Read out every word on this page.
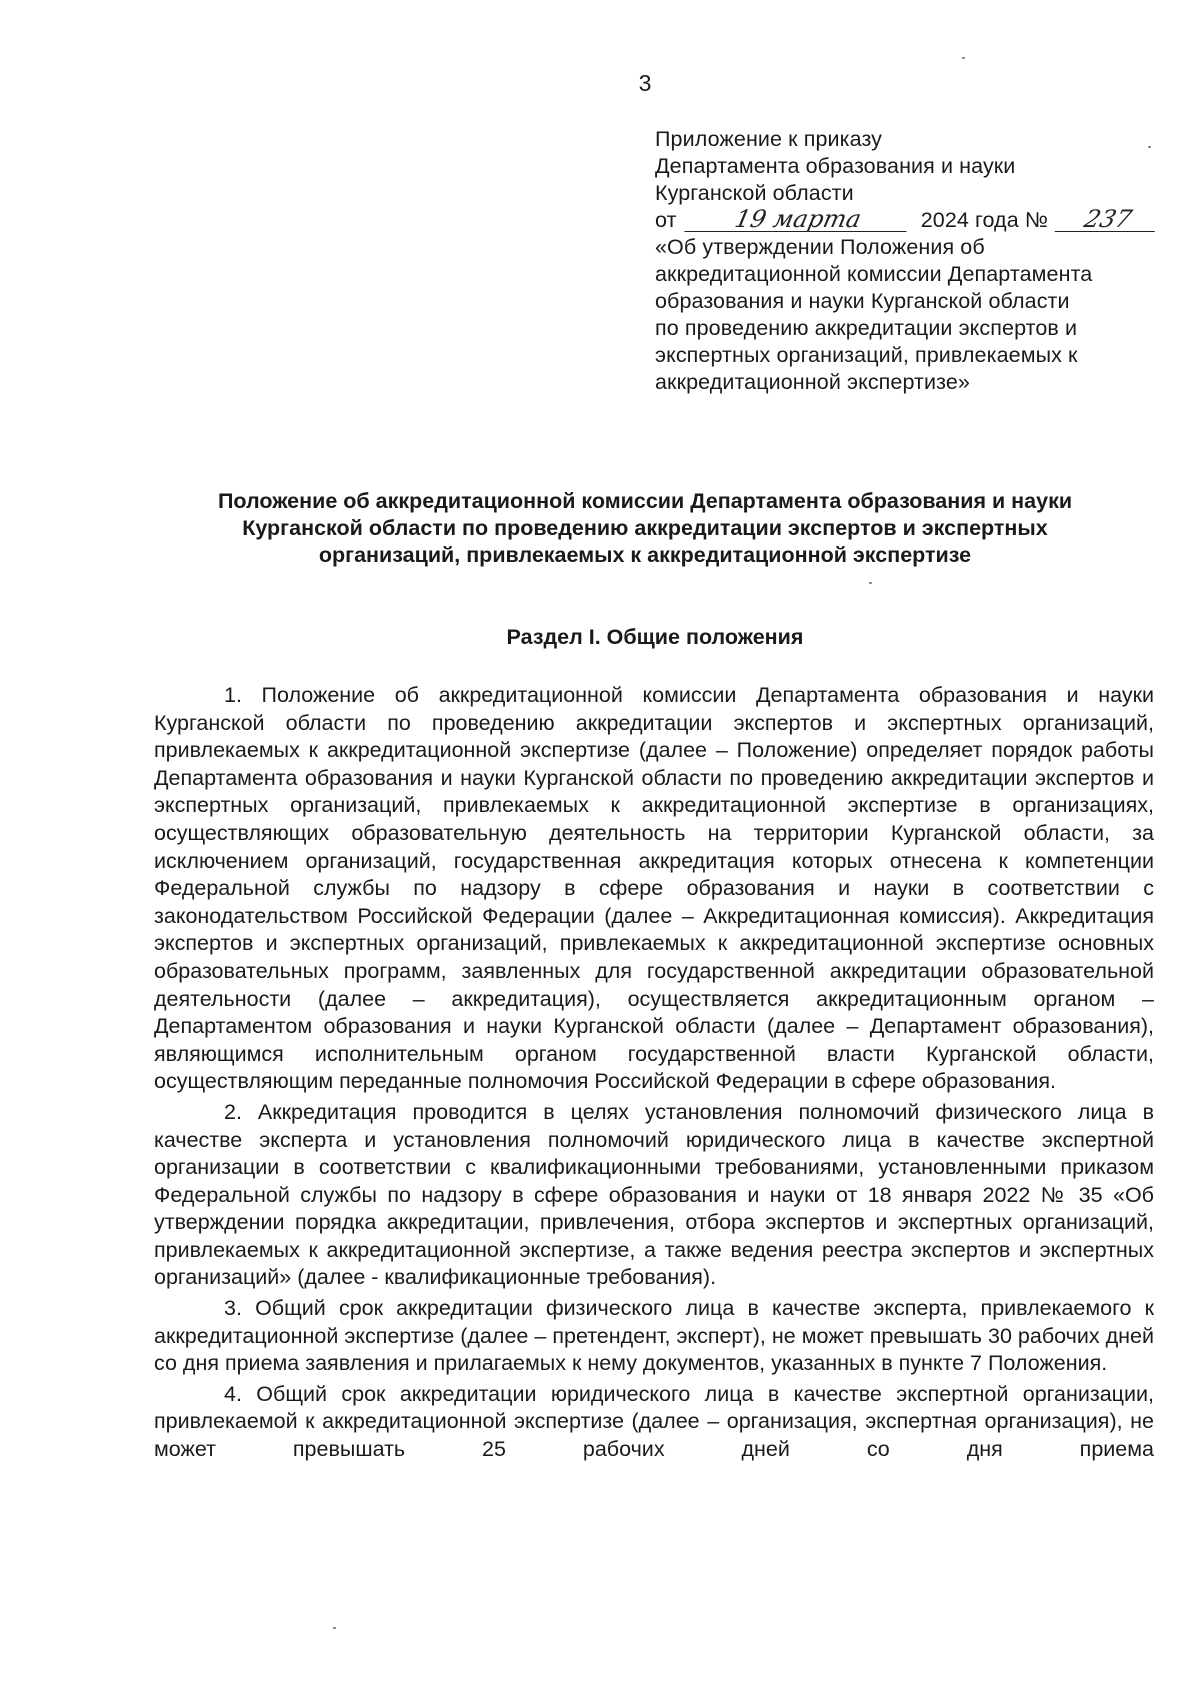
3
Приложение к приказу
Департамента образования и науки
Курганской области
от 19 марта	2024 года № 237
«Об утверждении Положения об
аккредитационной комиссии Департамента
образования и науки Курганской области
по проведению аккредитации экспертов и
экспертных организаций, привлекаемых к
аккредитационной экспертизе»
Положение об аккредитационной комиссии Департамента образования и науки
Курганской области по проведению аккредитации экспертов и экспертных
организаций, привлекаемых к аккредитационной экспертизе
Раздел I. Общие положения

1. Положение об аккредитационной комиссии Департамента образования и науки Курганской области по проведению аккредитации экспертов и экспертных организаций, привлекаемых к аккредитационной экспертизе (далее – Положение) определяет порядок работы Департамента образования и науки Курганской области по проведению аккредитации экспертов и экспертных организаций, привлекаемых к аккредитационной экспертизе в организациях, осуществляющих образовательную деятельность на территории Курганской области, за исключением организаций, государственная аккредитация которых отнесена к компетенции Федеральной службы по надзору в сфере образования и науки в соответствии с законодательством Российской Федерации (далее – Аккредитационная комиссия). Аккредитация экспертов и экспертных организаций, привлекаемых к аккредитационной экспертизе основных образовательных программ, заявленных для государственной аккредитации образовательной деятельности (далее – аккредитация), осуществляется аккредитационным органом – Департаментом образования и науки Курганской области (далее – Департамент образования), являющимся исполнительным органом государственной власти Курганской области, осуществляющим переданные полномочия Российской Федерации в сфере образования.

2. Аккредитация проводится в целях установления полномочий физического лица в качестве эксперта и установления полномочий юридического лица в качестве экспертной организации в соответствии с квалификационными требованиями, установленными приказом Федеральной службы по надзору в сфере образования и науки от 18 января 2022 № 35 «Об утверждении порядка аккредитации, привлечения, отбора экспертов и экспертных организаций, привлекаемых к аккредитационной экспертизе, а также ведения реестра экспертов и экспертных организаций» (далее - квалификационные требования).

3. Общий срок аккредитации физического лица в качестве эксперта, привлекаемого к аккредитационной экспертизе (далее – претендент, эксперт), не может превышать 30 рабочих дней со дня приема заявления и прилагаемых к нему документов, указанных в пункте 7 Положения.

4. Общий срок аккредитации юридического лица в качестве экспертной организации, привлекаемой к аккредитационной экспертизе (далее – организация, экспертная организация), не может превышать 25 рабочих дней со дня приема
